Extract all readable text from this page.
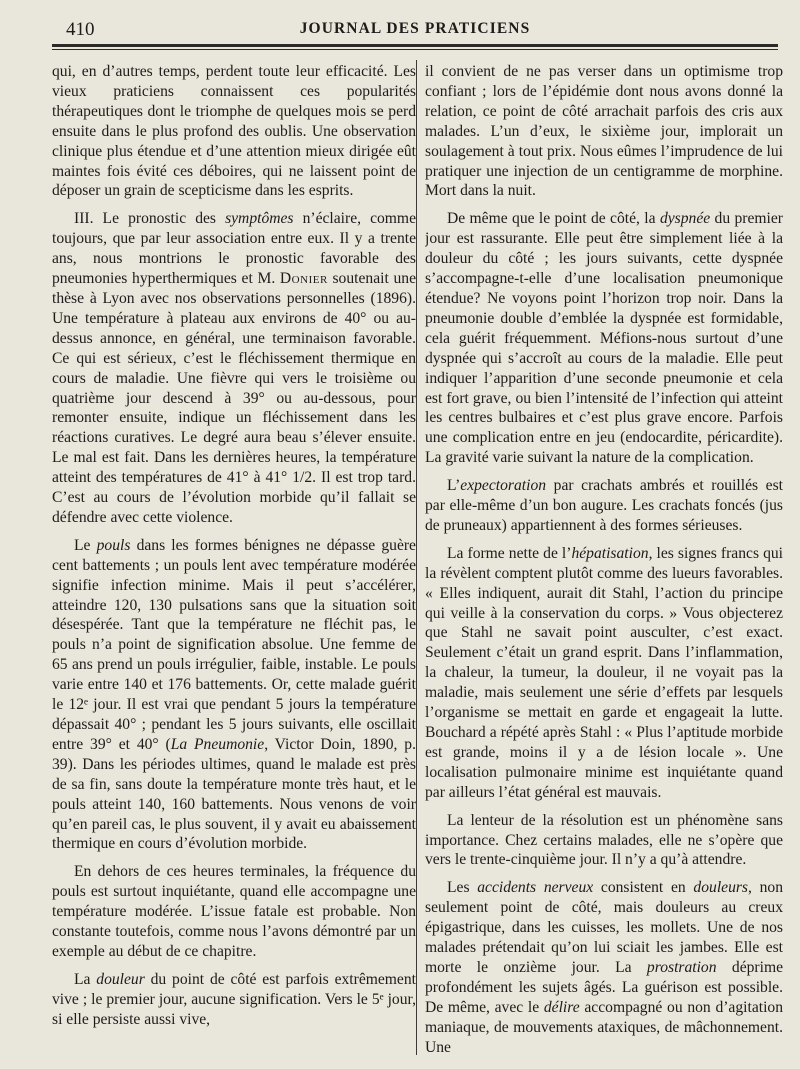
410	JOURNAL DES PRATICIENS

qui, en d’autres temps, perdent toute leur efficacité. Les vieux praticiens connaissent ces popularités thérapeutiques dont le triomphe de quelques mois se perd ensuite dans le plus profond des oublis. Une observation clinique plus étendue et d’une attention mieux dirigée eût maintes fois évité ces déboires, qui ne laissent point de déposer un grain de scepticisme dans les esprits.

III. Le pronostic des symptômes n’éclaire, comme toujours, que par leur association entre eux. Il y a trente ans, nous montrions le pronostic favorable des pneumonies hyperthermiques et M. Donier soutenait une thèse à Lyon avec nos observations personnelles (1896). Une température à plateau aux environs de 40° ou au-dessus annonce, en général, une terminaison favorable. Ce qui est sérieux, c’est le fléchissement thermique en cours de maladie. Une fièvre qui vers le troisième ou quatrième jour descend à 39° ou au-dessous, pour remonter ensuite, indique un fléchissement dans les réactions curatives. Le degré aura beau s’élever ensuite. Le mal est fait. Dans les dernières heures, la température atteint des températures de 41° à 41° 1/2. Il est trop tard. C’est au cours de l’évolution morbide qu’il fallait se défendre avec cette violence.

Le pouls dans les formes bénignes ne dépasse guère cent battements ; un pouls lent avec température modérée signifie infection minime. Mais il peut s’accélérer, atteindre 120, 130 pulsations sans que la situation soit désespérée. Tant que la température ne fléchit pas, le pouls n’a point de signification absolue. Une femme de 65 ans prend un pouls irrégulier, faible, instable. Le pouls varie entre 140 et 176 battements. Or, cette malade guérit le 12ᵉ jour. Il est vrai que pendant 5 jours la température dépassait 40° ; pendant les 5 jours suivants, elle oscillait entre 39° et 40° (La Pneumonie, Victor Doin, 1890, p. 39). Dans les périodes ultimes, quand le malade est près de sa fin, sans doute la température monte très haut, et le pouls atteint 140, 160 battements. Nous venons de voir qu’en pareil cas, le plus souvent, il y avait eu abaissement thermique en cours d’évolution morbide.

En dehors de ces heures terminales, la fréquence du pouls est surtout inquiétante, quand elle accompagne une température modérée. L’issue fatale est probable. Non constante toutefois, comme nous l’avons démontré par un exemple au début de ce chapitre.

La douleur du point de côté est parfois extrêmement vive ; le premier jour, aucune signification. Vers le 5ᵉ jour, si elle persiste aussi vive,

il convient de ne pas verser dans un optimisme trop confiant ; lors de l’épidémie dont nous avons donné la relation, ce point de côté arrachait parfois des cris aux malades. L’un d’eux, le sixième jour, implorait un soulagement à tout prix. Nous eûmes l’imprudence de lui pratiquer une injection de un centigramme de morphine. Mort dans la nuit.

De même que le point de côté, la dyspnée du premier jour est rassurante. Elle peut être simplement liée à la douleur du côté ; les jours suivants, cette dyspnée s’accompagne-t-elle d’une localisation pneumonique étendue? Ne voyons point l’horizon trop noir. Dans la pneumonie double d’emblée la dyspnée est formidable, cela guérit fréquemment. Méfions-nous surtout d’une dyspnée qui s’accroît au cours de la maladie. Elle peut indiquer l’apparition d’une seconde pneumonie et cela est fort grave, ou bien l’intensité de l’infection qui atteint les centres bulbaires et c’est plus grave encore. Parfois une complication entre en jeu (endocardite, péricardite). La gravité varie suivant la nature de la complication.

L’expectoration par crachats ambrés et rouillés est par elle-même d’un bon augure. Les crachats foncés (jus de pruneaux) appartiennent à des formes sérieuses.

La forme nette de l’hépatisation, les signes francs qui la révèlent comptent plutôt comme des lueurs favorables. « Elles indiquent, aurait dit Stahl, l’action du principe qui veille à la conservation du corps. » Vous objecterez que Stahl ne savait point ausculter, c’est exact. Seulement c’était un grand esprit. Dans l’inflammation, la chaleur, la tumeur, la douleur, il ne voyait pas la maladie, mais seulement une série d’effets par lesquels l’organisme se mettait en garde et engageait la lutte. Bouchard a répété après Stahl : « Plus l’aptitude morbide est grande, moins il y a de lésion locale ». Une localisation pulmonaire minime est inquiétante quand par ailleurs l’état général est mauvais.

La lenteur de la résolution est un phénomène sans importance. Chez certains malades, elle ne s’opère que vers le trente-cinquième jour. Il n’y a qu’à attendre.

Les accidents nerveux consistent en douleurs, non seulement point de côté, mais douleurs au creux épigastrique, dans les cuisses, les mollets. Une de nos malades prétendait qu’on lui sciait les jambes. Elle est morte le onzième jour. La prostration déprime profondément les sujets âgés. La guérison est possible. De même, avec le délire accompagné ou non d’agitation maniaque, de mouvements ataxiques, de mâchonnement. Une
